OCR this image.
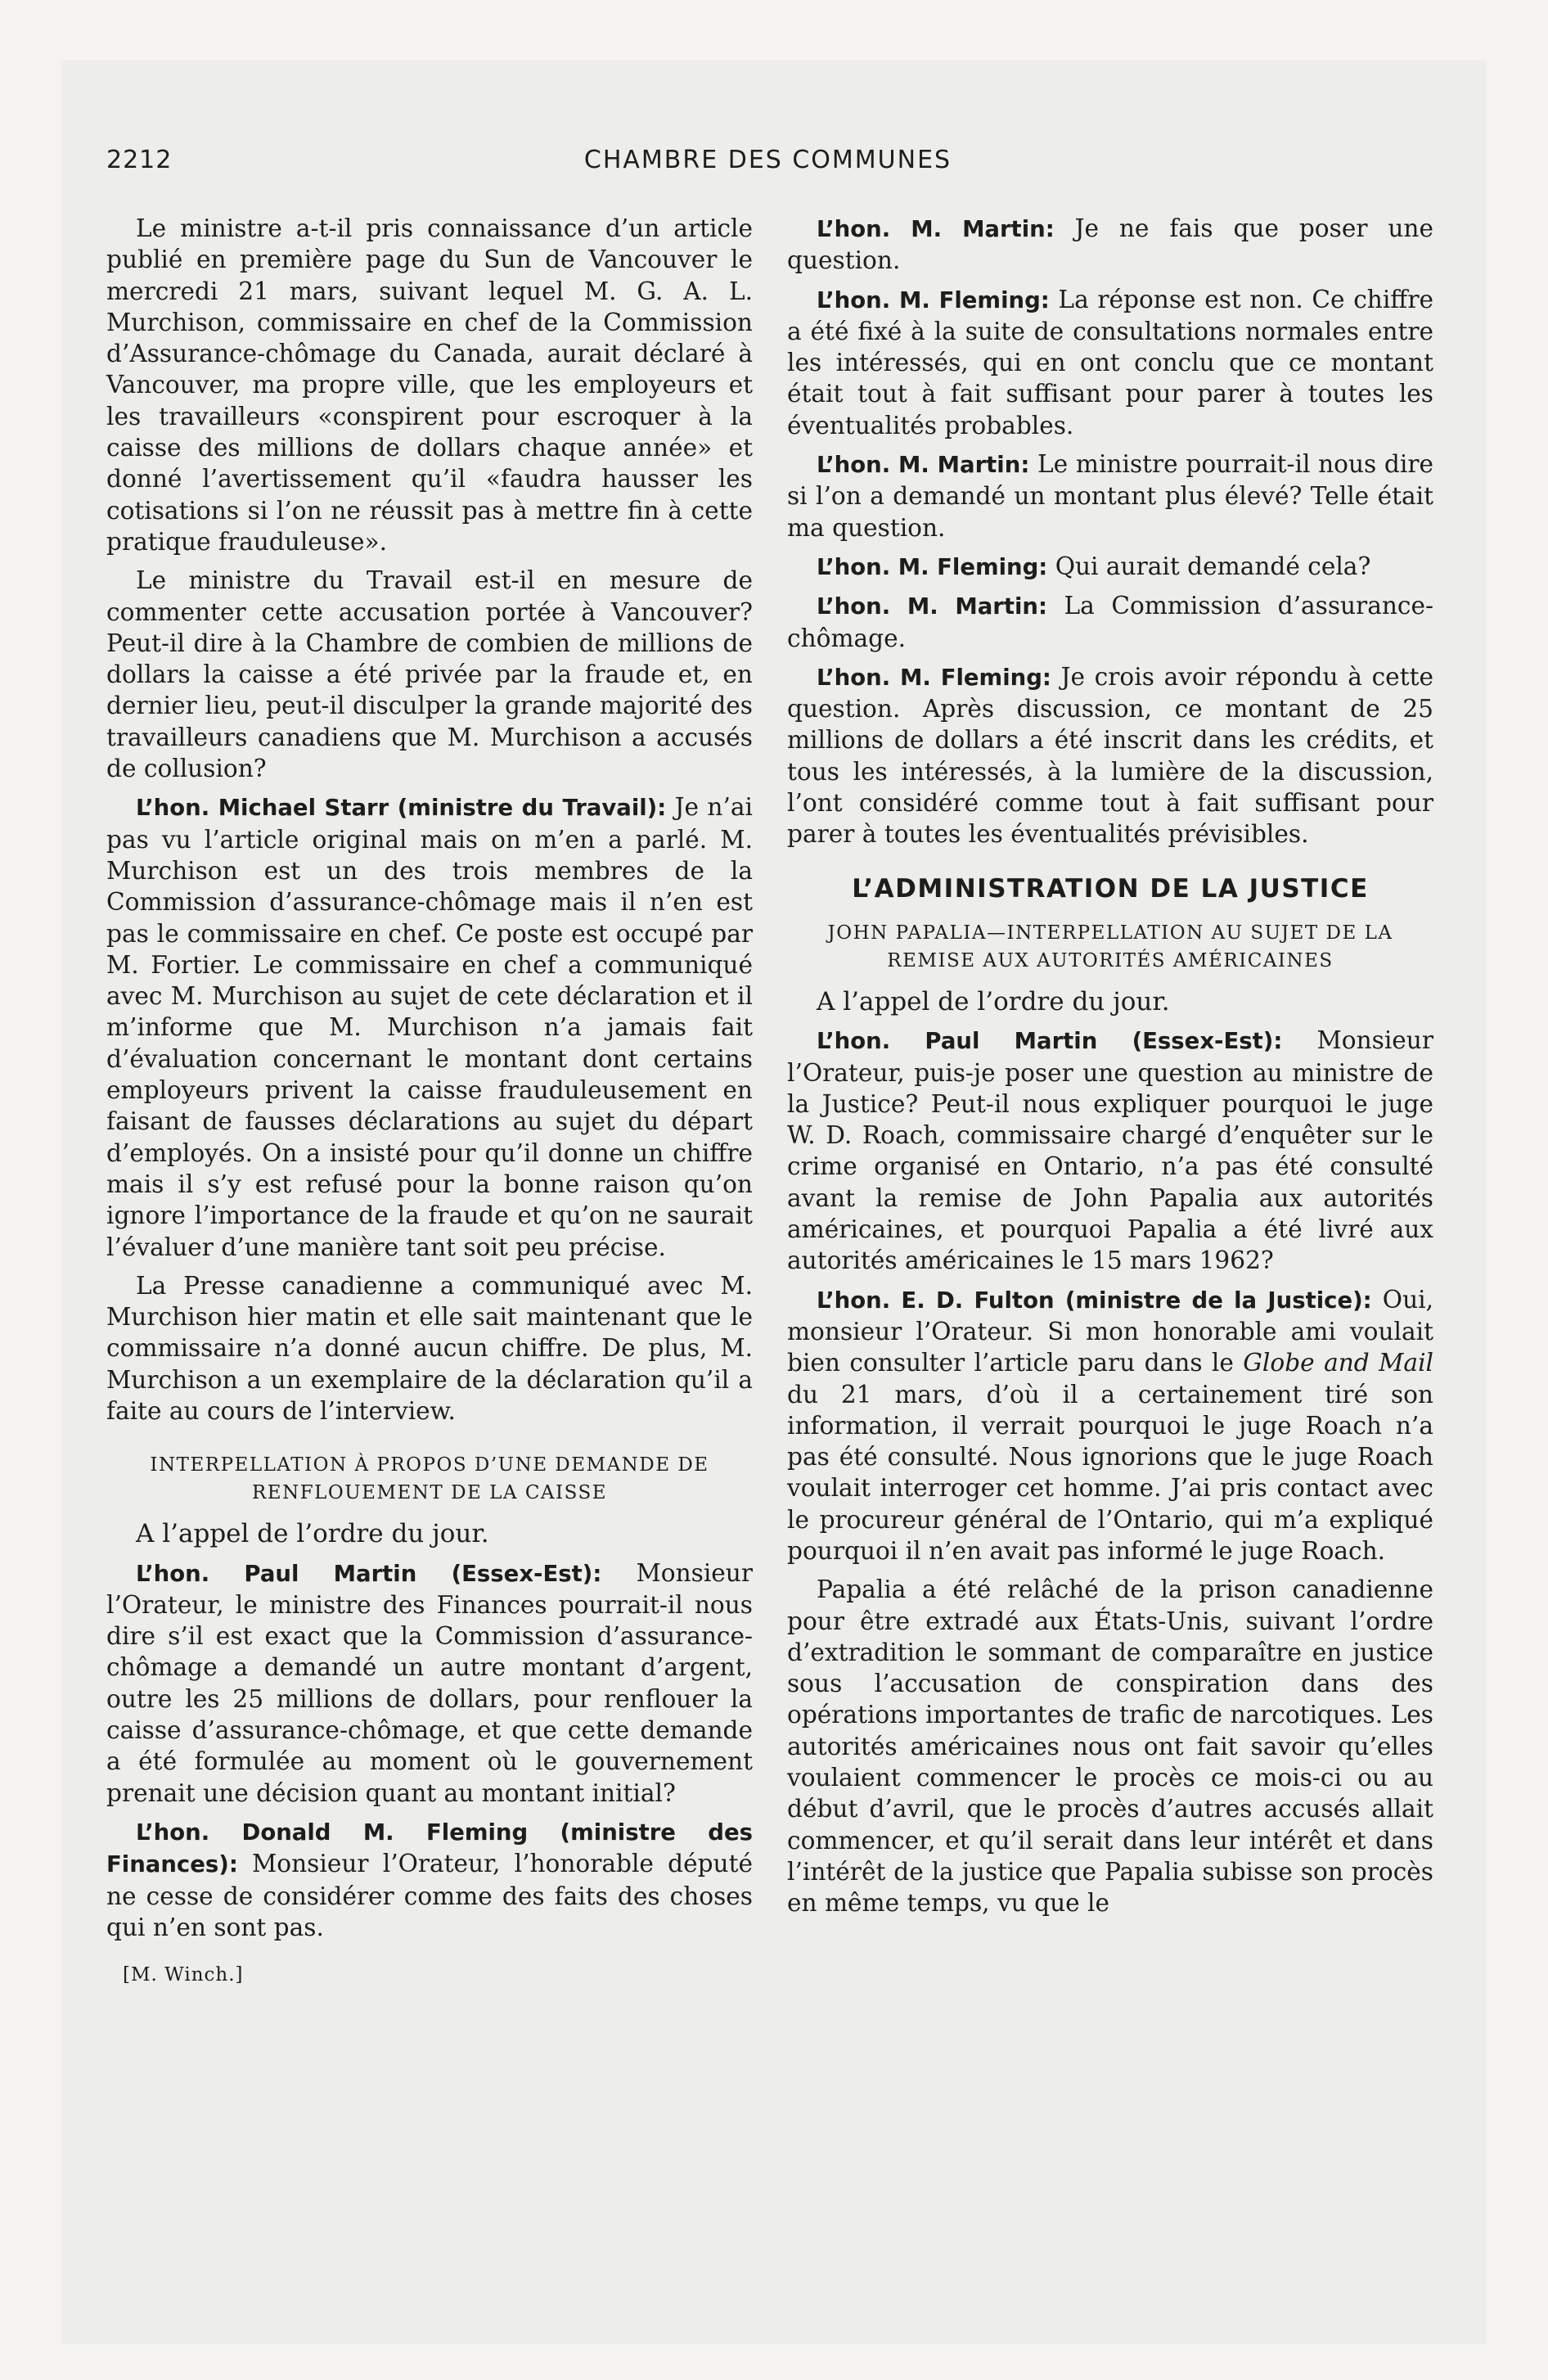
2212	CHAMBRE DES COMMUNES

Le ministre a-t-il pris connaissance d’un article publié en première page du Sun de Vancouver le mercredi 21 mars, suivant lequel M. G. A. L. Murchison, commissaire en chef de la Commission d’Assurance-chômage du Canada, aurait déclaré à Vancouver, ma propre ville, que les employeurs et les travailleurs «conspirent pour escroquer à la caisse des millions de dollars chaque année» et donné l’avertissement qu’il «faudra hausser les cotisations si l’on ne réussit pas à mettre fin à cette pratique frauduleuse».

Le ministre du Travail est-il en mesure de commenter cette accusation portée à Vancouver? Peut-il dire à la Chambre de combien de millions de dollars la caisse a été privée par la fraude et, en dernier lieu, peut-il disculper la grande majorité des travailleurs canadiens que M. Murchison a accusés de collusion?

L’hon. Michael Starr (ministre du Travail): Je n’ai pas vu l’article original mais on m’en a parlé. M. Murchison est un des trois membres de la Commission d’assurance-chômage mais il n’en est pas le commissaire en chef. Ce poste est occupé par M. Fortier. Le commissaire en chef a communiqué avec M. Murchison au sujet de cete déclaration et il m’informe que M. Murchison n’a jamais fait d’évaluation concernant le montant dont certains employeurs privent la caisse frauduleusement en faisant de fausses déclarations au sujet du départ d’employés. On a insisté pour qu’il donne un chiffre mais il s’y est refusé pour la bonne raison qu’on ignore l’importance de la fraude et qu’on ne saurait l’évaluer d’une manière tant soit peu précise.

La Presse canadienne a communiqué avec M. Murchison hier matin et elle sait maintenant que le commissaire n’a donné aucun chiffre. De plus, M. Murchison a un exemplaire de la déclaration qu’il a faite au cours de l’interview.

INTERPELLATION À PROPOS D’UNE DEMANDE DE RENFLOUEMENT DE LA CAISSE

A l’appel de l’ordre du jour.

L’hon. Paul Martin (Essex-Est): Monsieur l’Orateur, le ministre des Finances pourrait-il nous dire s’il est exact que la Commission d’assurance-chômage a demandé un autre montant d’argent, outre les 25 millions de dollars, pour renflouer la caisse d’assurance-chômage, et que cette demande a été formulée au moment où le gouvernement prenait une décision quant au montant initial?

L’hon. Donald M. Fleming (ministre des Finances): Monsieur l’Orateur, l’honorable député ne cesse de considérer comme des faits des choses qui n’en sont pas.

[M. Winch.]

L’hon. M. Martin: Je ne fais que poser une question.

L’hon. M. Fleming: La réponse est non. Ce chiffre a été fixé à la suite de consultations normales entre les intéressés, qui en ont conclu que ce montant était tout à fait suffisant pour parer à toutes les éventualités probables.

L’hon. M. Martin: Le ministre pourrait-il nous dire si l’on a demandé un montant plus élevé? Telle était ma question.

L’hon. M. Fleming: Qui aurait demandé cela?

L’hon. M. Martin: La Commission d’assurance-chômage.

L’hon. M. Fleming: Je crois avoir répondu à cette question. Après discussion, ce montant de 25 millions de dollars a été inscrit dans les crédits, et tous les intéressés, à la lumière de la discussion, l’ont considéré comme tout à fait suffisant pour parer à toutes les éventualités prévisibles.

L’ADMINISTRATION DE LA JUSTICE

JOHN PAPALIA—INTERPELLATION AU SUJET DE LA REMISE AUX AUTORITÉS AMÉRICAINES

A l’appel de l’ordre du jour.

L’hon. Paul Martin (Essex-Est): Monsieur l’Orateur, puis-je poser une question au ministre de la Justice? Peut-il nous expliquer pourquoi le juge W. D. Roach, commissaire chargé d’enquêter sur le crime organisé en Ontario, n’a pas été consulté avant la remise de John Papalia aux autorités américaines, et pourquoi Papalia a été livré aux autorités américaines le 15 mars 1962?

L’hon. E. D. Fulton (ministre de la Justice): Oui, monsieur l’Orateur. Si mon honorable ami voulait bien consulter l’article paru dans le Globe and Mail du 21 mars, d’où il a certainement tiré son information, il verrait pourquoi le juge Roach n’a pas été consulté. Nous ignorions que le juge Roach voulait interroger cet homme. J’ai pris contact avec le procureur général de l’Ontario, qui m’a expliqué pourquoi il n’en avait pas informé le juge Roach.

Papalia a été relâché de la prison canadienne pour être extradé aux États-Unis, suivant l’ordre d’extradition le sommant de comparaître en justice sous l’accusation de conspiration dans des opérations importantes de trafic de narcotiques. Les autorités américaines nous ont fait savoir qu’elles voulaient commencer le procès ce mois-ci ou au début d’avril, que le procès d’autres accusés allait commencer, et qu’il serait dans leur intérêt et dans l’intérêt de la justice que Papalia subisse son procès en même temps, vu que le
